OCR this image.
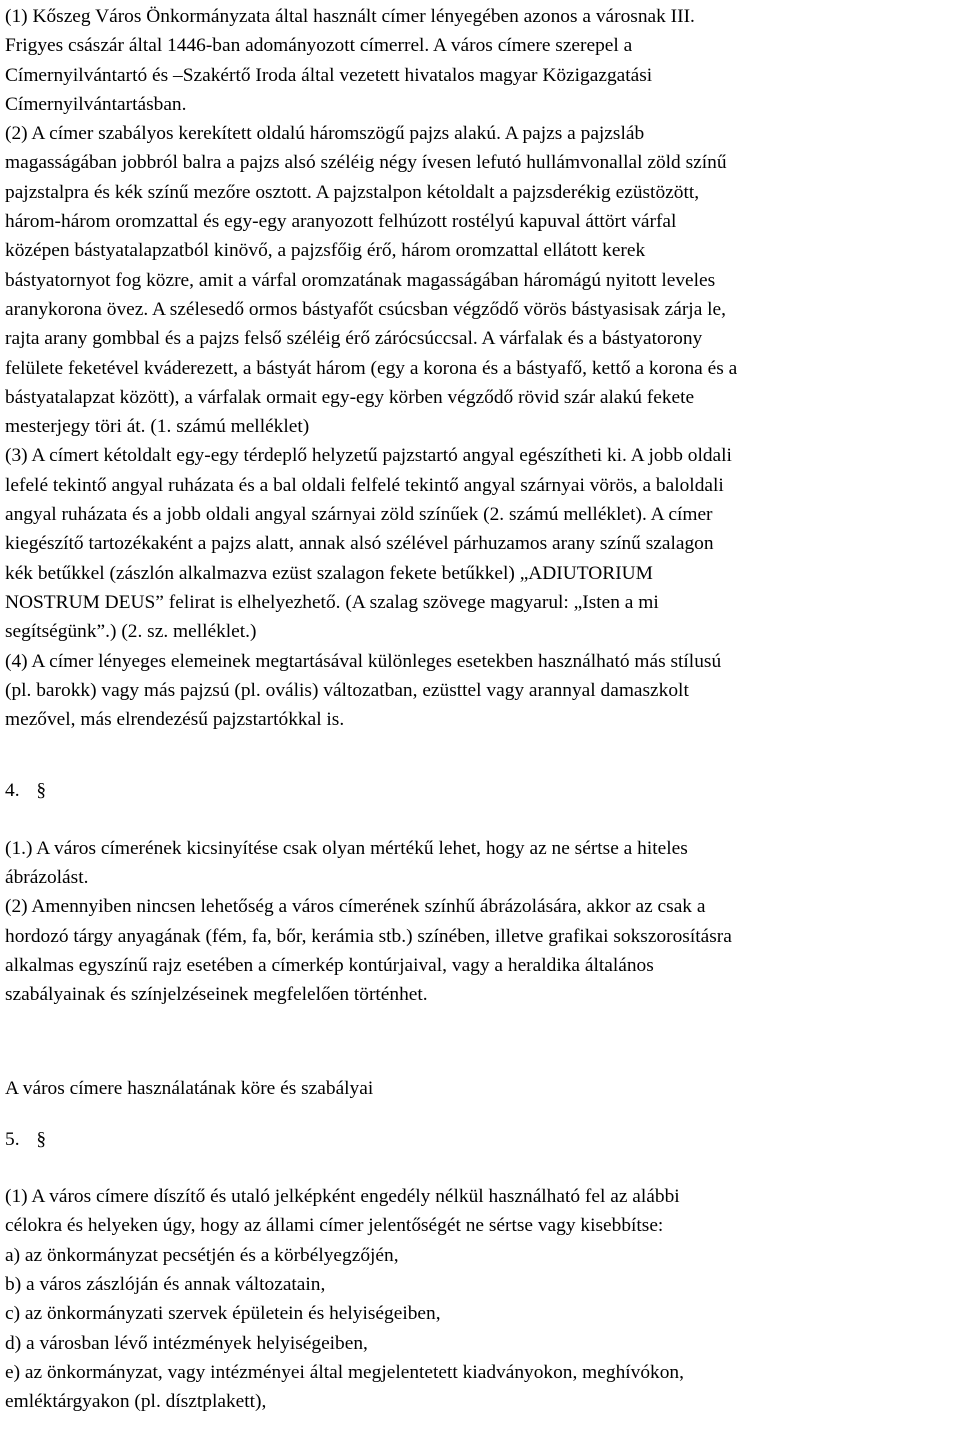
(1) Kőszeg Város Önkormányzata által használt címer lényegében azonos a városnak III.
Frigyes császár által 1446-ban adományozott címerrel. A város címere szerepel a
Címernyilvántartó és –Szakértő Iroda által vezetett hivatalos magyar Közigazgatási
Címernyilvántartásban.
(2) A címer szabályos kerekített oldalú háromszögű pajzs alakú. A pajzs a pajzsláb
magasságában jobbról balra a pajzs alsó széléig négy ívesen lefutó hullámvonallal zöld színű
pajzstalpra és kék színű mezőre osztott. A pajzstalpon kétoldalt a pajzsderékig ezüstözött,
három-három oromzattal és egy-egy aranyozott felhúzott rostélyú kapuval áttört várfal
középen bástyatalapzatból kinövő, a pajzsfőig érő, három oromzattal ellátott kerek
bástyatornyot fog közre, amit a várfal oromzatának magasságában háromágú nyitott leveles
aranykorona övez. A szélesedő ormos bástyafőt csúcsban végződő vörös bástyasisak zárja le,
rajta arany gombbal és a pajzs felső széléig érő zárócsúccsal. A várfalak és a bástyatorony
felülete feketével kváderezett, a bástyát három (egy a korona és a bástyafő, kettő a korona és a
bástyatalapzat között), a várfalak ormait egy-egy körben végződő rövid szár alakú fekete
mesterjegy töri át. (1. számú melléklet)
(3) A címert kétoldalt egy-egy térdeplő helyzetű pajzstartó angyal egészítheti ki. A jobb oldali
lefelé tekintő angyal ruházata és a bal oldali felfelé tekintő angyal szárnyai vörös, a baloldali
angyal ruházata és a jobb oldali angyal szárnyai zöld színűek (2. számú melléklet). A címer
kiegészítő tartozékaként a pajzs alatt, annak alsó szélével párhuzamos arany színű szalagon
kék betűkkel (zászlón alkalmazva ezüst szalagon fekete betűkkel) „ADIUTORIUM
NOSTRUM DEUS” felirat is elhelyezhető. (A szalag szövege magyarul: „Isten a mi
segítségünk”.) (2. sz. melléklet.)
(4) A címer lényeges elemeinek megtartásával különleges esetekben használható más stílusú
(pl. barokk) vagy más pajzsú (pl. ovális) változatban, ezüsttel vagy arannyal damaszkolt
mezővel, más elrendezésű pajzstartókkal is.
4. §
(1.) A város címerének kicsinyítése csak olyan mértékű lehet, hogy az ne sértse a hiteles
ábrázolást.
(2) Amennyiben nincsen lehetőség a város címerének színhű ábrázolására, akkor az csak a
hordozó tárgy anyagának (fém, fa, bőr, kerámia stb.) színében, illetve grafikai sokszorosításra
alkalmas egyszínű rajz esetében a címerkép kontúrjaival, vagy a heraldika általános
szabályainak és színjelzéseinek megfelelően történhet.
A város címere használatának köre és szabályai
5. §
(1) A város címere díszítő és utaló jelképként engedély nélkül használható fel az alábbi
célokra és helyeken úgy, hogy az állami címer jelentőségét ne sértse vagy kisebbítse:
a) az önkormányzat pecsétjén és a körbélyegzőjén,
b) a város zászlóján és annak változatain,
c) az önkormányzati szervek épületein és helyiségeiben,
d) a városban lévő intézmények helyiségeiben,
e) az önkormányzat, vagy intézményei által megjelentetett kiadványokon, meghívókon,
emléktárgyakon (pl. dísztplakett),
